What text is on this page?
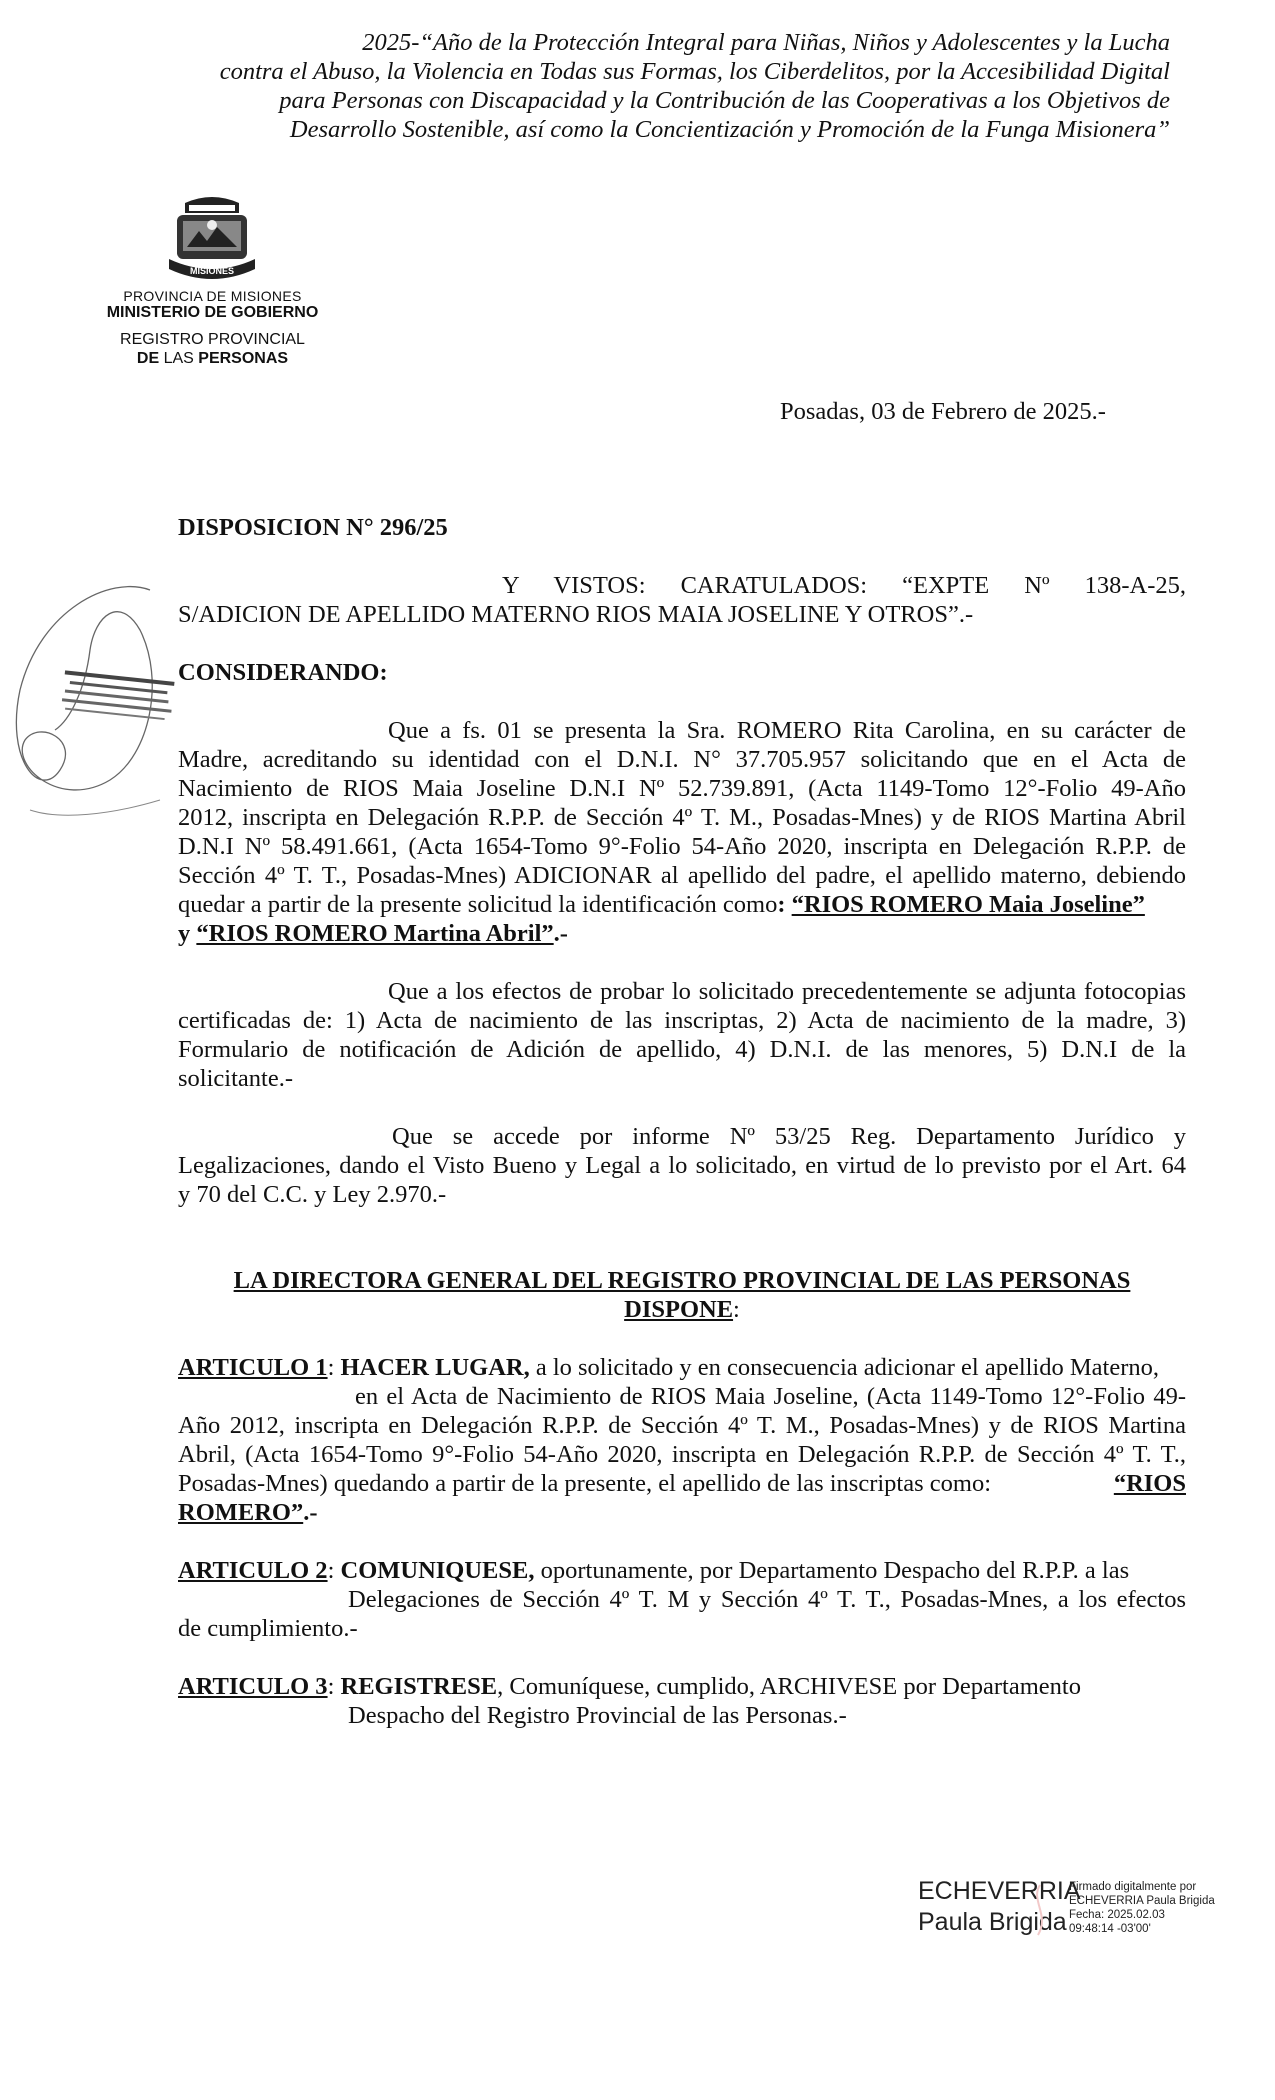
2025-“Año de la Protección Integral para Niñas, Niños y Adolescentes y la Lucha
contra el Abuso, la Violencia en Todas sus Formas, los Ciberdelitos, por la Accesibilidad Digital
para Personas con Discapacidad y la Contribución de las Cooperativas a los Objetivos de
Desarrollo Sostenible, así como la Concientización y Promoción de la Funga Misionera”
MISIONES
PROVINCIA DE MISIONES
MINISTERIO DE GOBIERNO
REGISTRO PROVINCIAL
DE LAS PERSONAS
Posadas, 03 de Febrero de 2025.-
DISPOSICION N° 296/25
Y VISTOS: CARATULADOS: “EXPTE Nº 138-A-25,
S/ADICION DE APELLIDO MATERNO RIOS MAIA JOSELINE Y OTROS”.-
CONSIDERANDO:
Que a fs. 01 se presenta la Sra. ROMERO Rita Carolina, en su carácter de
Madre, acreditando su identidad con el D.N.I. N° 37.705.957 solicitando que en el Acta de
Nacimiento de RIOS Maia Joseline D.N.I Nº 52.739.891, (Acta 1149-Tomo 12°-Folio 49-Año
2012, inscripta en Delegación R.P.P. de Sección 4º T. M., Posadas-Mnes) y de RIOS Martina Abril
D.N.I Nº 58.491.661, (Acta 1654-Tomo 9°-Folio 54-Año 2020, inscripta en Delegación R.P.P. de
Sección 4º T. T., Posadas-Mnes) ADICIONAR al apellido del padre, el apellido materno, debiendo
quedar a partir de la presente solicitud la identificación como: “RIOS ROMERO Maia Joseline”
y “RIOS ROMERO Martina Abril”.-
Que a los efectos de probar lo solicitado precedentemente se adjunta fotocopias
certificadas de: 1) Acta de nacimiento de las inscriptas, 2) Acta de nacimiento de la madre, 3)
Formulario de notificación de Adición de apellido, 4) D.N.I. de las menores, 5) D.N.I de la
solicitante.-
Que se accede por informe Nº 53/25 Reg. Departamento Jurídico y
Legalizaciones, dando el Visto Bueno y Legal a lo solicitado, en virtud de lo previsto por el Art. 64
y 70 del C.C. y Ley 2.970.-
LA DIRECTORA GENERAL DEL REGISTRO PROVINCIAL DE LAS PERSONAS
DISPONE:
ARTICULO 1: HACER LUGAR, a lo solicitado y en consecuencia adicionar el apellido Materno,
en el Acta de Nacimiento de RIOS Maia Joseline, (Acta 1149-Tomo 12°-Folio 49-
Año 2012, inscripta en Delegación R.P.P. de Sección 4º T. M., Posadas-Mnes) y de RIOS Martina
Abril, (Acta 1654-Tomo 9°-Folio 54-Año 2020, inscripta en Delegación R.P.P. de Sección 4º T. T.,
Posadas-Mnes) quedando a partir de la presente, el apellido de las inscriptas como:	“RIOS
ROMERO”.-
ARTICULO 2: COMUNIQUESE, oportunamente, por Departamento Despacho del R.P.P. a las
Delegaciones de Sección 4º T. M y Sección 4º T. T., Posadas-Mnes, a los efectos
de cumplimiento.-
ARTICULO 3: REGISTRESE, Comuníquese, cumplido, ARCHIVESE por Departamento
Despacho del Registro Provincial de las Personas.-
ECHEVERRIA
Paula Brigida
Firmado digitalmente por
ECHEVERRIA Paula Brigida
Fecha: 2025.02.03
09:48:14 -03'00'
